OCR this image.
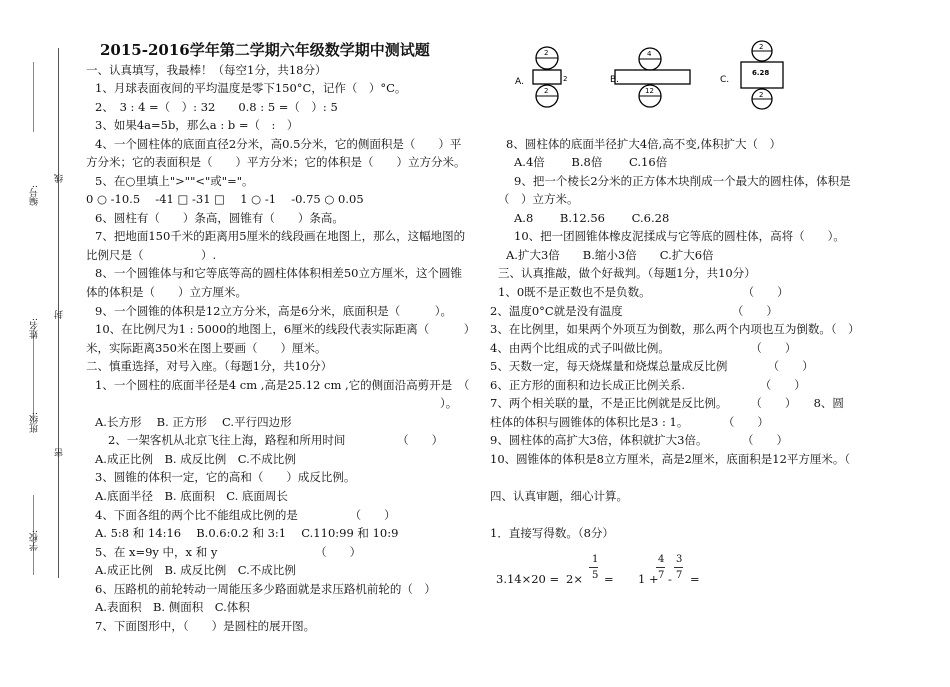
2015-2016学年第二学期六年级数学期中测试题
编号:
姓名:
班级:
学校:
线
封
密
一、认真填写，我最棒！（每空1分，共18分）
1、月球表面夜间的平均温度是零下150°C，记作（　）°C。
2、　3 : 4 =（　）: 32　　0.8 : 5 =（　）: 5
3、如果4a=5b，那么a : b =（　:　）
4、一个圆柱体的底面直径2分米，高0.5分米，它的侧面积是（　　）平
方分米；它的表面积是（　　）平方分米；它的体积是（　　）立方分米。
5、在○里填上">""<"或"="。
0 ○ -10.5　 -41 □ -31 □　 1 ○ -1　 -0.75 ○ 0.05
6、圆柱有（　　）条高，圆锥有（　　）条高。
7、把地面150千米的距离用5厘米的线段画在地图上，那么，这幅地图的
比例尺是（　　　　　）.
8、一个圆锥体与和它等底等高的圆柱体体积相差50立方厘米，这个圆锥
体的体积是（　　）立方厘米。
9、一个圆锥的体积是12立方分米，高是6分米，底面积是（　　　）。
10、在比例尺为1 : 5000的地图上，6厘米的线段代表实际距离（　　　）
米，实际距离350米在图上要画（　　）厘米。
二、慎重选择，对号入座。（每题1分，共10分）
1、一个圆柱的底面半径是4 cm ,高是25.12 cm ,它的侧面沿高剪开是　（
）。
A.长方形　 B. 正方形　 C.平行四边形
2、一架客机从北京飞往上海，路程和所用时间　　　　　（　　）
A.成正比例　B. 成反比例　C.不成比例
3、圆锥的体积一定，它的高和（　　）成反比例。
A.底面半径　B. 底面积　C. 底面周长
4、下面各组的两个比不能组成比例的是　　　　　（　　）
A. 5:8 和 14:16　 B.0.6:0.2 和 3:1　 C.110:99 和 10:9
5、在 x=9y 中，x 和 y　　　　　　　　　（　　）
A.成正比例　B. 成反比例　C.不成比例
6、压路机的前轮转动一周能压多少路面就是求压路机前轮的（　）
A.表面积　B. 侧面积　C.体积
7、下面图形中，（　　）是圆柱的展开图。
A.
2
2
2
B.
4
12
C.
2
6.28
2
8、圆柱体的底面半径扩大4倍,高不变,体积扩大（　）
A.4倍　　 B.8倍　　 C.16倍
9、把一个棱长2分米的正方体木块削成一个最大的圆柱体，体积是
（　）立方米。
A.8　　 B.12.56　　 C.6.28
10、把一团圆锥体橡皮泥揉成与它等底的圆柱体，高将（　　）。
A.扩大3倍　　B.缩小3倍　　C.扩大6倍
三、认真推敲，做个好裁判。（每题1分，共10分）
1、0既不是正数也不是负数。　　　　　　　　　（　　）
2、温度0°C就是没有温度　　　　　　　　　　（　　）
3、在比例里，如果两个外项互为倒数，那么两个内项也互为倒数。（　）
4、由两个比组成的式子叫做比例。　　　　　　　　（　　）
5、天数一定，每天烧煤量和烧煤总量成反比例　　　　（　　）
6、正方形的面积和边长成正比例关系.　　　　　　　（　　）
7、两个相关联的量，不是正比例就是反比例。　　　（　　）　　8、圆
柱体的体积与圆锥体的体积比是3 : 1。　　　　（　　）
9、圆柱体的高扩大3倍，体积就扩大3倍。　　　　（　　）
10、圆锥体的体积是8立方厘米，高是2厘米，底面积是12平方厘米。（
四、认真审题，细心计算。
1．直接写得数。（8分）
3.14×20 = 2×
1
5 = 1 +
4
7 -
3
7 =
